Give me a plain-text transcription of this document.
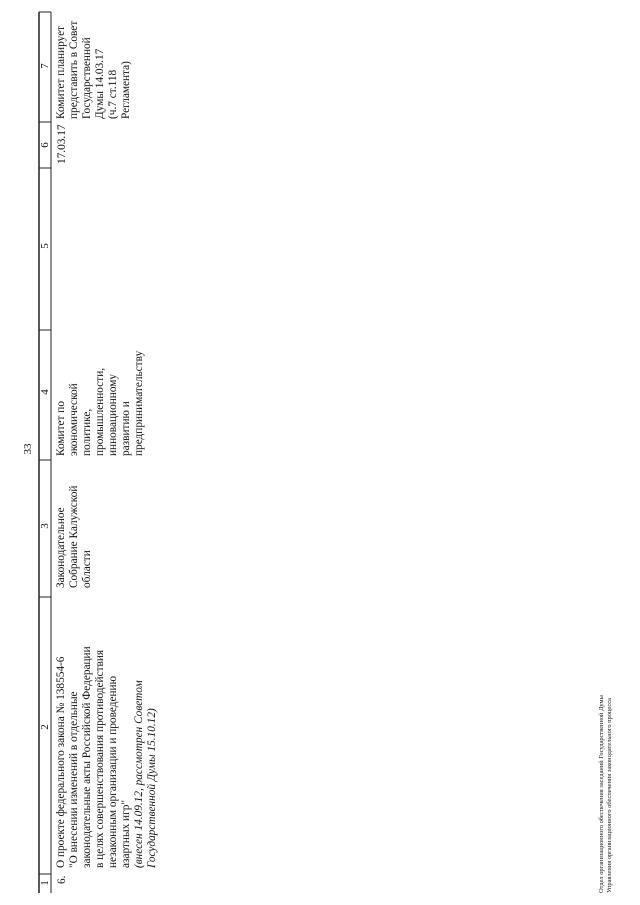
33
1
2
3
4
5
6
7
6.
О проекте федерального закона № 138554-6 "О внесении изменений в отдельные законодательные акты Российской Федерации в целях совершенствования противодействия незаконным организации и проведению азартных игр" (внесен 14.09.12, рассмотрен Советом Государственной Думы 15.10.12)
Законодательное Собрание Калужской области
Комитет по экономической политике, промышленности, инновационному развитию и предпринимательству
17.03.17
Комитет планирует представить в Совет Государственной Думы 14.03.17 (ч.7 ст.118 Регламента)
Отдел организационного обеспечения заседаний Государственной Думы Управления организационного обеспечения законодательного процесса
